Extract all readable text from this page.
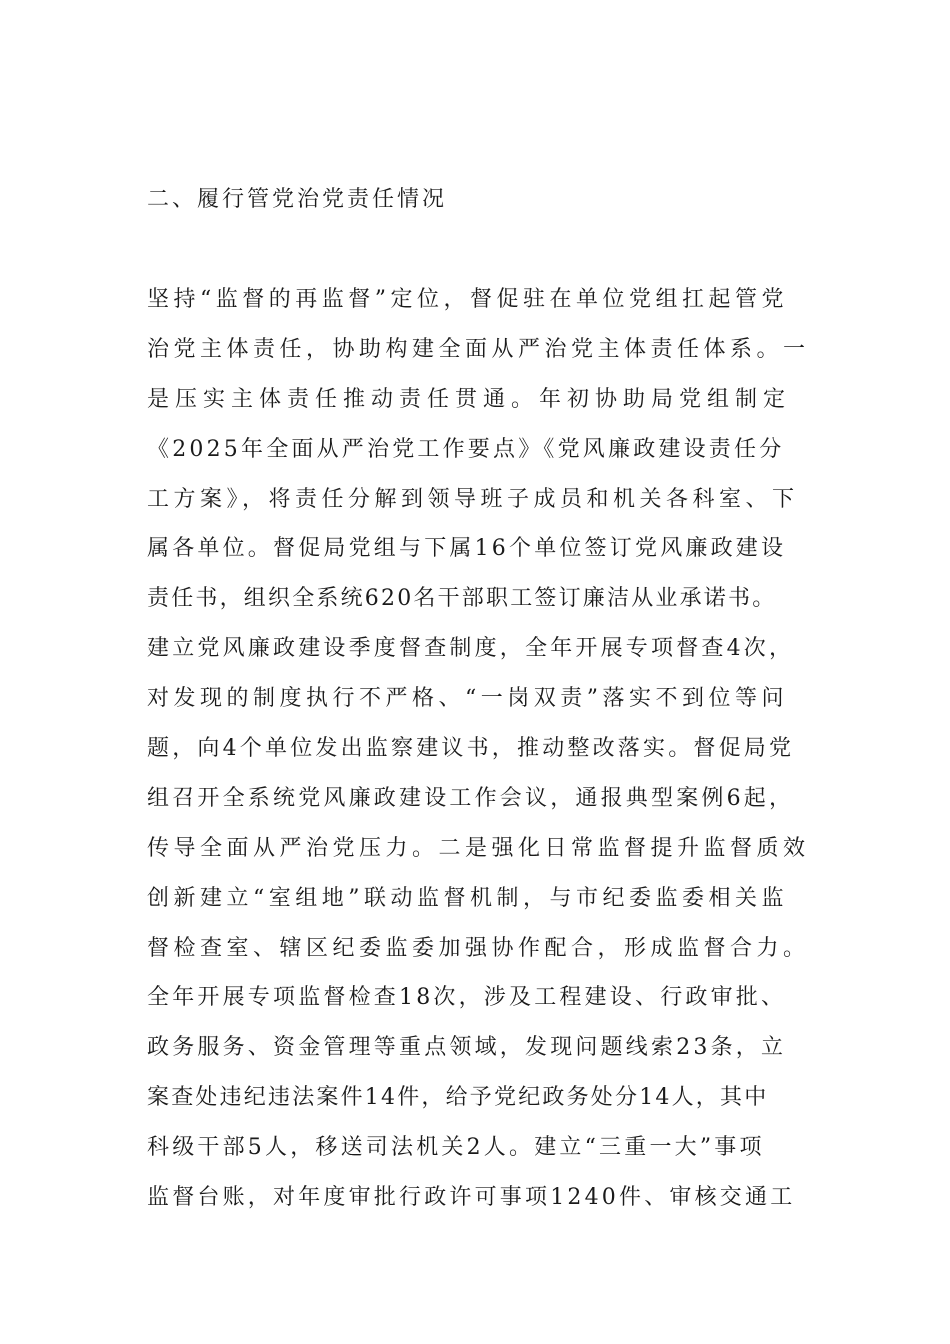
二、履行管党治党责任情况
坚持“监督的再监督”定位，督促驻在单位党组扛起管党
治党主体责任，协助构建全面从严治党主体责任体系。一
是压实主体责任推动责任贯通。年初协助局党组制定
《2025年全面从严治党工作要点》《党风廉政建设责任分
工方案》，将责任分解到领导班子成员和机关各科室、下
属各单位。督促局党组与下属16个单位签订党风廉政建设
责任书，组织全系统620名干部职工签订廉洁从业承诺书。
建立党风廉政建设季度督查制度，全年开展专项督查4次，
对发现的制度执行不严格、“一岗双责”落实不到位等问
题，向4个单位发出监察建议书，推动整改落实。督促局党
组召开全系统党风廉政建设工作会议，通报典型案例6起，
传导全面从严治党压力。二是强化日常监督提升监督质效
创新建立“室组地”联动监督机制，与市纪委监委相关监
督检查室、辖区纪委监委加强协作配合，形成监督合力。
全年开展专项监督检查18次，涉及工程建设、行政审批、
政务服务、资金管理等重点领域，发现问题线索23条，立
案查处违纪违法案件14件，给予党纪政务处分14人，其中
科级干部5人，移送司法机关2人。建立“三重一大”事项
监督台账，对年度审批行政许可事项1240件、审核交通工
